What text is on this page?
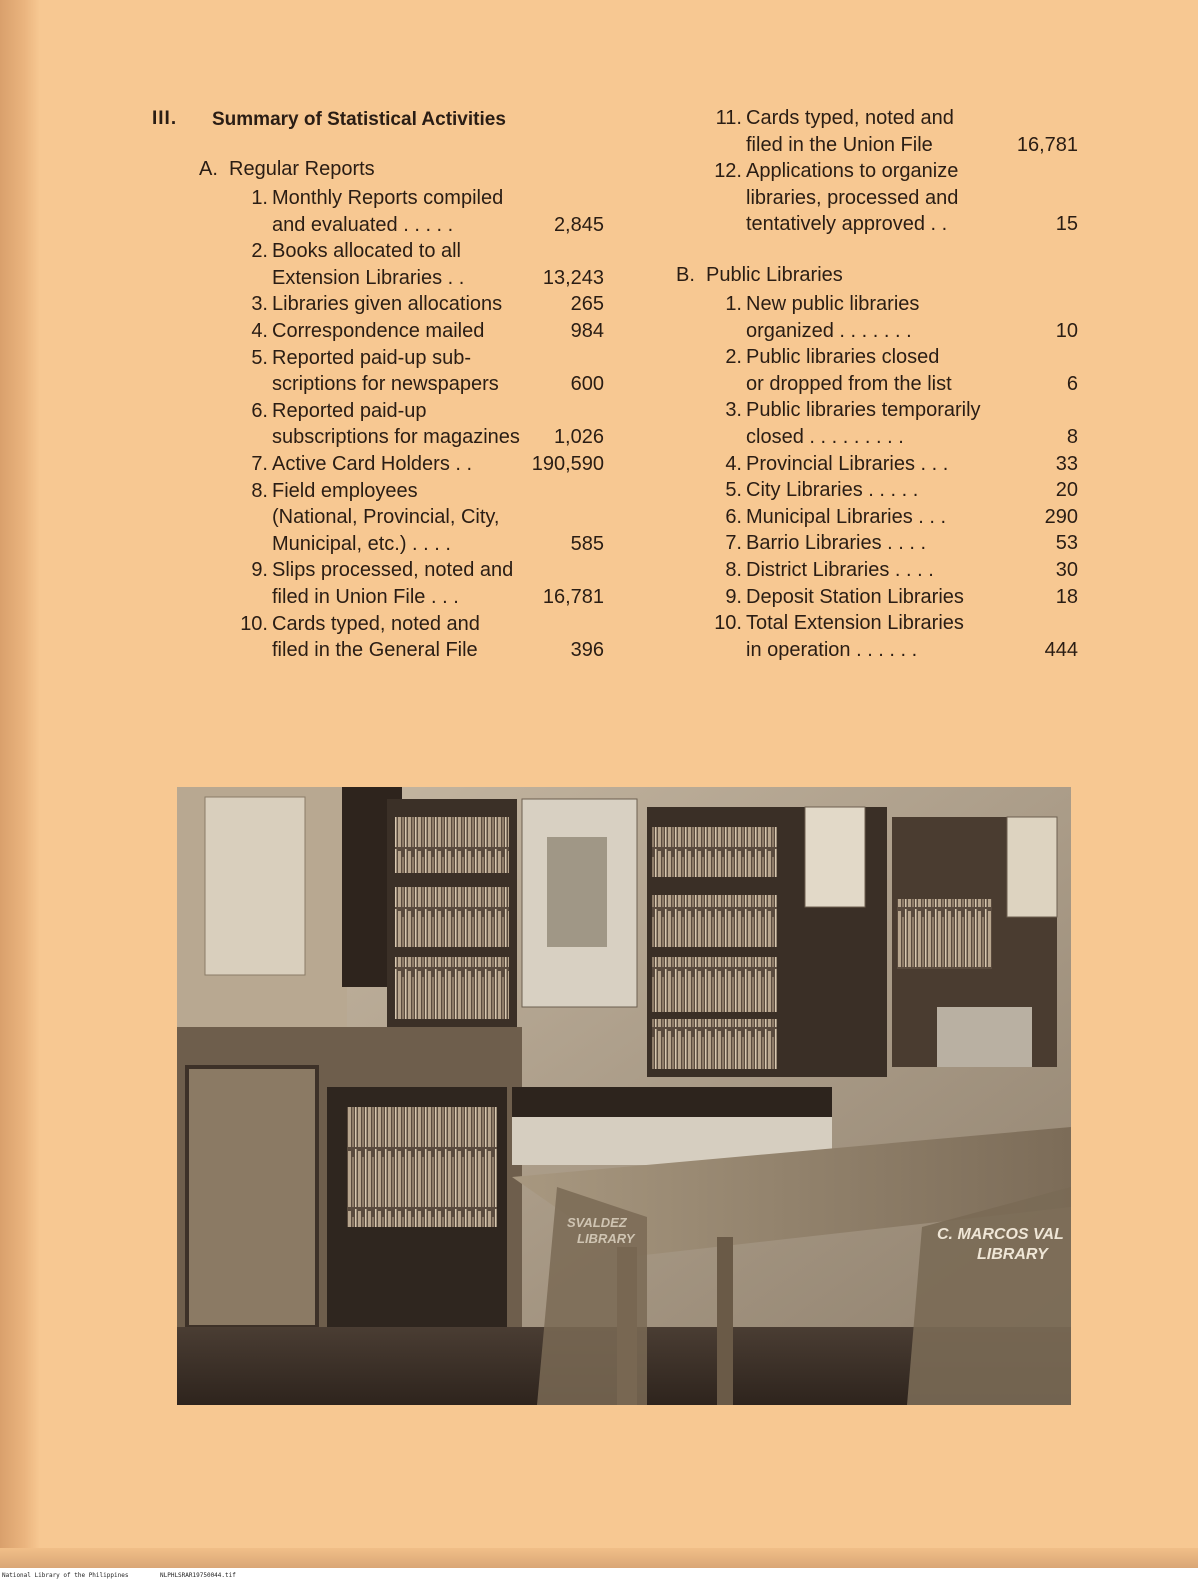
III. Summary of Statistical Activities
A. Regular Reports
1. Monthly Reports compiled
and evaluated . . . . .	2,845
2. Books allocated to all
Extension Libraries . .	13,243
3. Libraries given allocations	265
4. Correspondence mailed	984
5. Reported paid-up sub-
scriptions for newspapers	600
6. Reported paid-up
subscriptions for magazines 1,026
7. Active Card Holders . .	190,590
8. Field employees
(National, Provincial, City,
Municipal, etc.) . . . .	585
9. Slips processed, noted and
filed in Union File . . .	16,781
10. Cards typed, noted and
filed in the General File	396
11. Cards typed, noted and
filed in the Union File	16,781
12. Applications to organize
libraries, processed and
tentatively approved . .	15
B. Public Libraries
1. New public libraries
organized . . . . . . .	10
2. Public libraries closed
or dropped from the list	6
3. Public libraries temporarily
closed . . . . . . . . .	8
4. Provincial Libraries . . .	33
5. City Libraries . . . . .	20
6. Municipal Libraries . . .	290
7. Barrio Libraries . . . .	53
8. District Libraries . . . .	30
9. Deposit Station Libraries	18
10. Total Extension Libraries
in operation . . . . . .	444
C. MARCOS VAL
LIBRARY
SVALDEZ
LIBRARY
National Library of the Philippines	NLPHLSRAR19750044.tif
